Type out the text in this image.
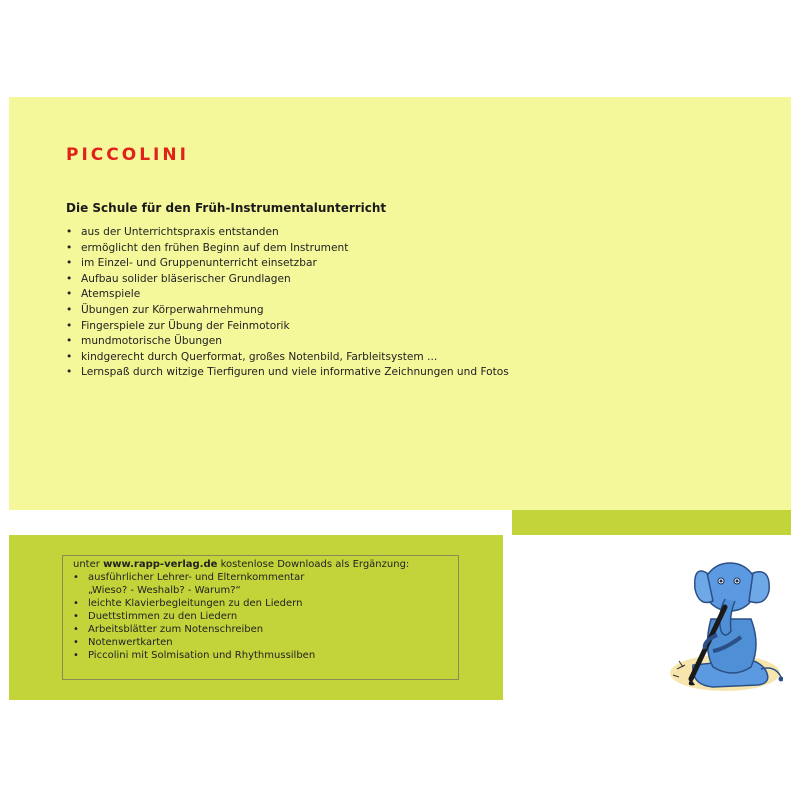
PICCOLINI

Die Schule für den Früh-Instrumentalunterricht

• aus der Unterrichtspraxis entstanden
• ermöglicht den frühen Beginn auf dem Instrument
• im Einzel- und Gruppenunterricht einsetzbar
• Aufbau solider bläserischer Grundlagen
• Atemspiele
• Übungen zur Körperwahrnehmung
• Fingerspiele zur Übung der Feinmotorik
• mundmotorische Übungen
• kindgerecht durch Querformat, großes Notenbild, Farbleitsystem ...
• Lernspaß durch witzige Tierfiguren und viele informative Zeichnungen und Fotos

unter www.rapp-verlag.de kostenlose Downloads als Ergänzung:

• ausführlicher Lehrer- und Elternkommentar
„Wieso? - Weshalb? - Warum?“
• leichte Klavierbegleitungen zu den Liedern
• Duettstimmen zu den Liedern
• Arbeitsblätter zum Notenschreiben
• Notenwertkarten
• Piccolini mit Solmisation und Rhythmussilben
